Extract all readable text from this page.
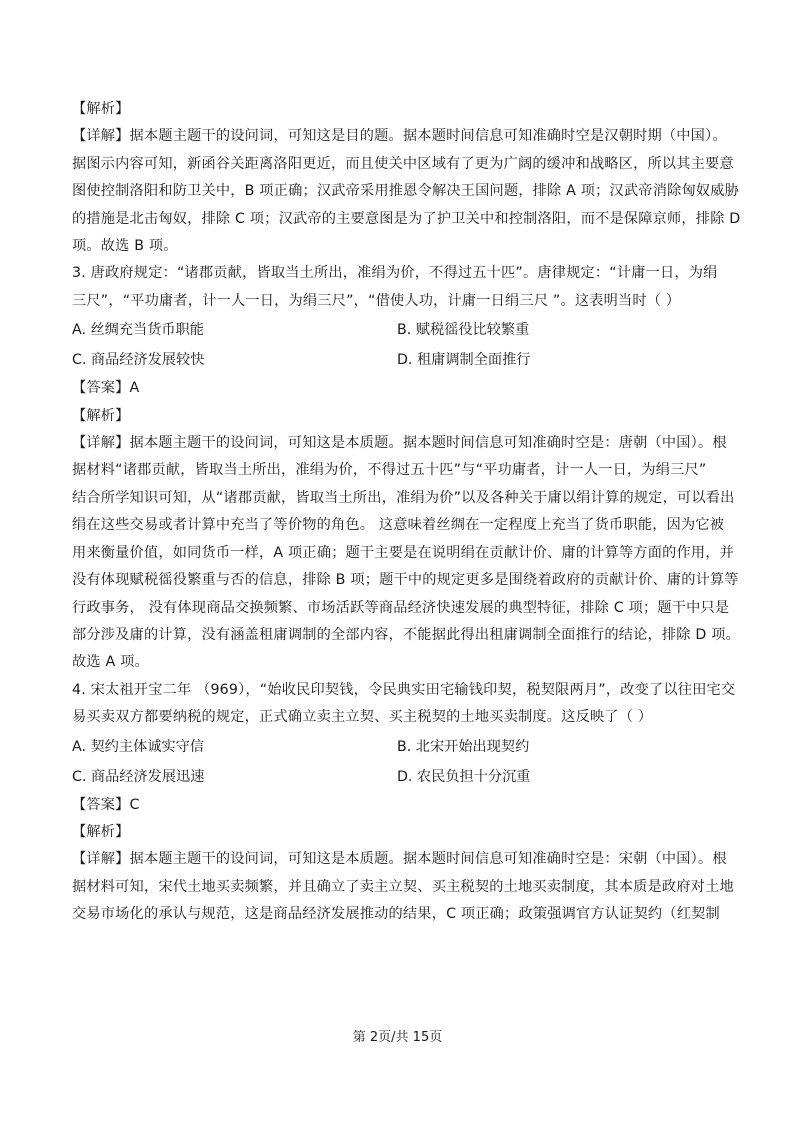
【解析】
【详解】据本题主题干的设问词，可知这是目的题。据本题时间信息可知准确时空是汉朝时期（中国）。
据图示内容可知，新函谷关距离洛阳更近，而且使关中区域有了更为广阔的缓冲和战略区，所以其主要意
图使控制洛阳和防卫关中，B 项正确；汉武帝采用推恩令解决王国问题，排除 A 项；汉武帝消除匈奴威胁
的措施是北击匈奴，排除 C 项；汉武帝的主要意图是为了护卫关中和控制洛阳，而不是保障京师，排除 D
项。故选 B 项。
3. 唐政府规定：“诸郡贡献，皆取当土所出，准绢为价，不得过五十匹”。唐律规定：“计庸一日，为绢
三尺”，“平功庸者，计一人一日，为绢三尺”，“借使人功，计庸一日绢三尺 ”。这表明当时（ ）
A. 丝绸充当货币职能	B. 赋税徭役比较繁重
C. 商品经济发展较快	D. 租庸调制全面推行
【答案】A
【解析】
【详解】据本题主题干的设问词，可知这是本质题。据本题时间信息可知准确时空是：唐朝（中国）。根
据材料“诸郡贡献，皆取当土所出，准绢为价，不得过五十匹”与“平功庸者，计一人一日，为绢三尺”
结合所学知识可知，从“诸郡贡献，皆取当土所出，准绢为价”以及各种关于庸以绢计算的规定，可以看出
绢在这些交易或者计算中充当了等价物的角色。 这意味着丝绸在一定程度上充当了货币职能，因为它被
用来衡量价值，如同货币一样，A 项正确；题干主要是在说明绢在贡献计价、庸的计算等方面的作用，并
没有体现赋税徭役繁重与否的信息，排除 B 项；题干中的规定更多是围绕着政府的贡献计价、庸的计算等
行政事务， 没有体现商品交换频繁、市场活跃等商品经济快速发展的典型特征，排除 C 项；题干中只是
部分涉及庸的计算，没有涵盖租庸调制的全部内容，不能据此得出租庸调制全面推行的结论，排除 D 项。
故选 A 项。
4. 宋太祖开宝二年 （969），“始收民印契钱，令民典实田宅输钱印契，税契限两月”，改变了以往田宅交
易买卖双方都要纳税的规定，正式确立卖主立契、买主税契的土地买卖制度。这反映了（ ）
A. 契约主体诚实守信	B. 北宋开始出现契约
C. 商品经济发展迅速	D. 农民负担十分沉重
【答案】C
【解析】
【详解】据本题主题干的设问词，可知这是本质题。据本题时间信息可知准确时空是：宋朝（中国）。根
据材料可知，宋代土地买卖频繁，并且确立了卖主立契、买主税契的土地买卖制度，其本质是政府对土地
交易市场化的承认与规范，这是商品经济发展推动的结果，C 项正确；政策强调官方认证契约（红契制
第 2页/共 15页
